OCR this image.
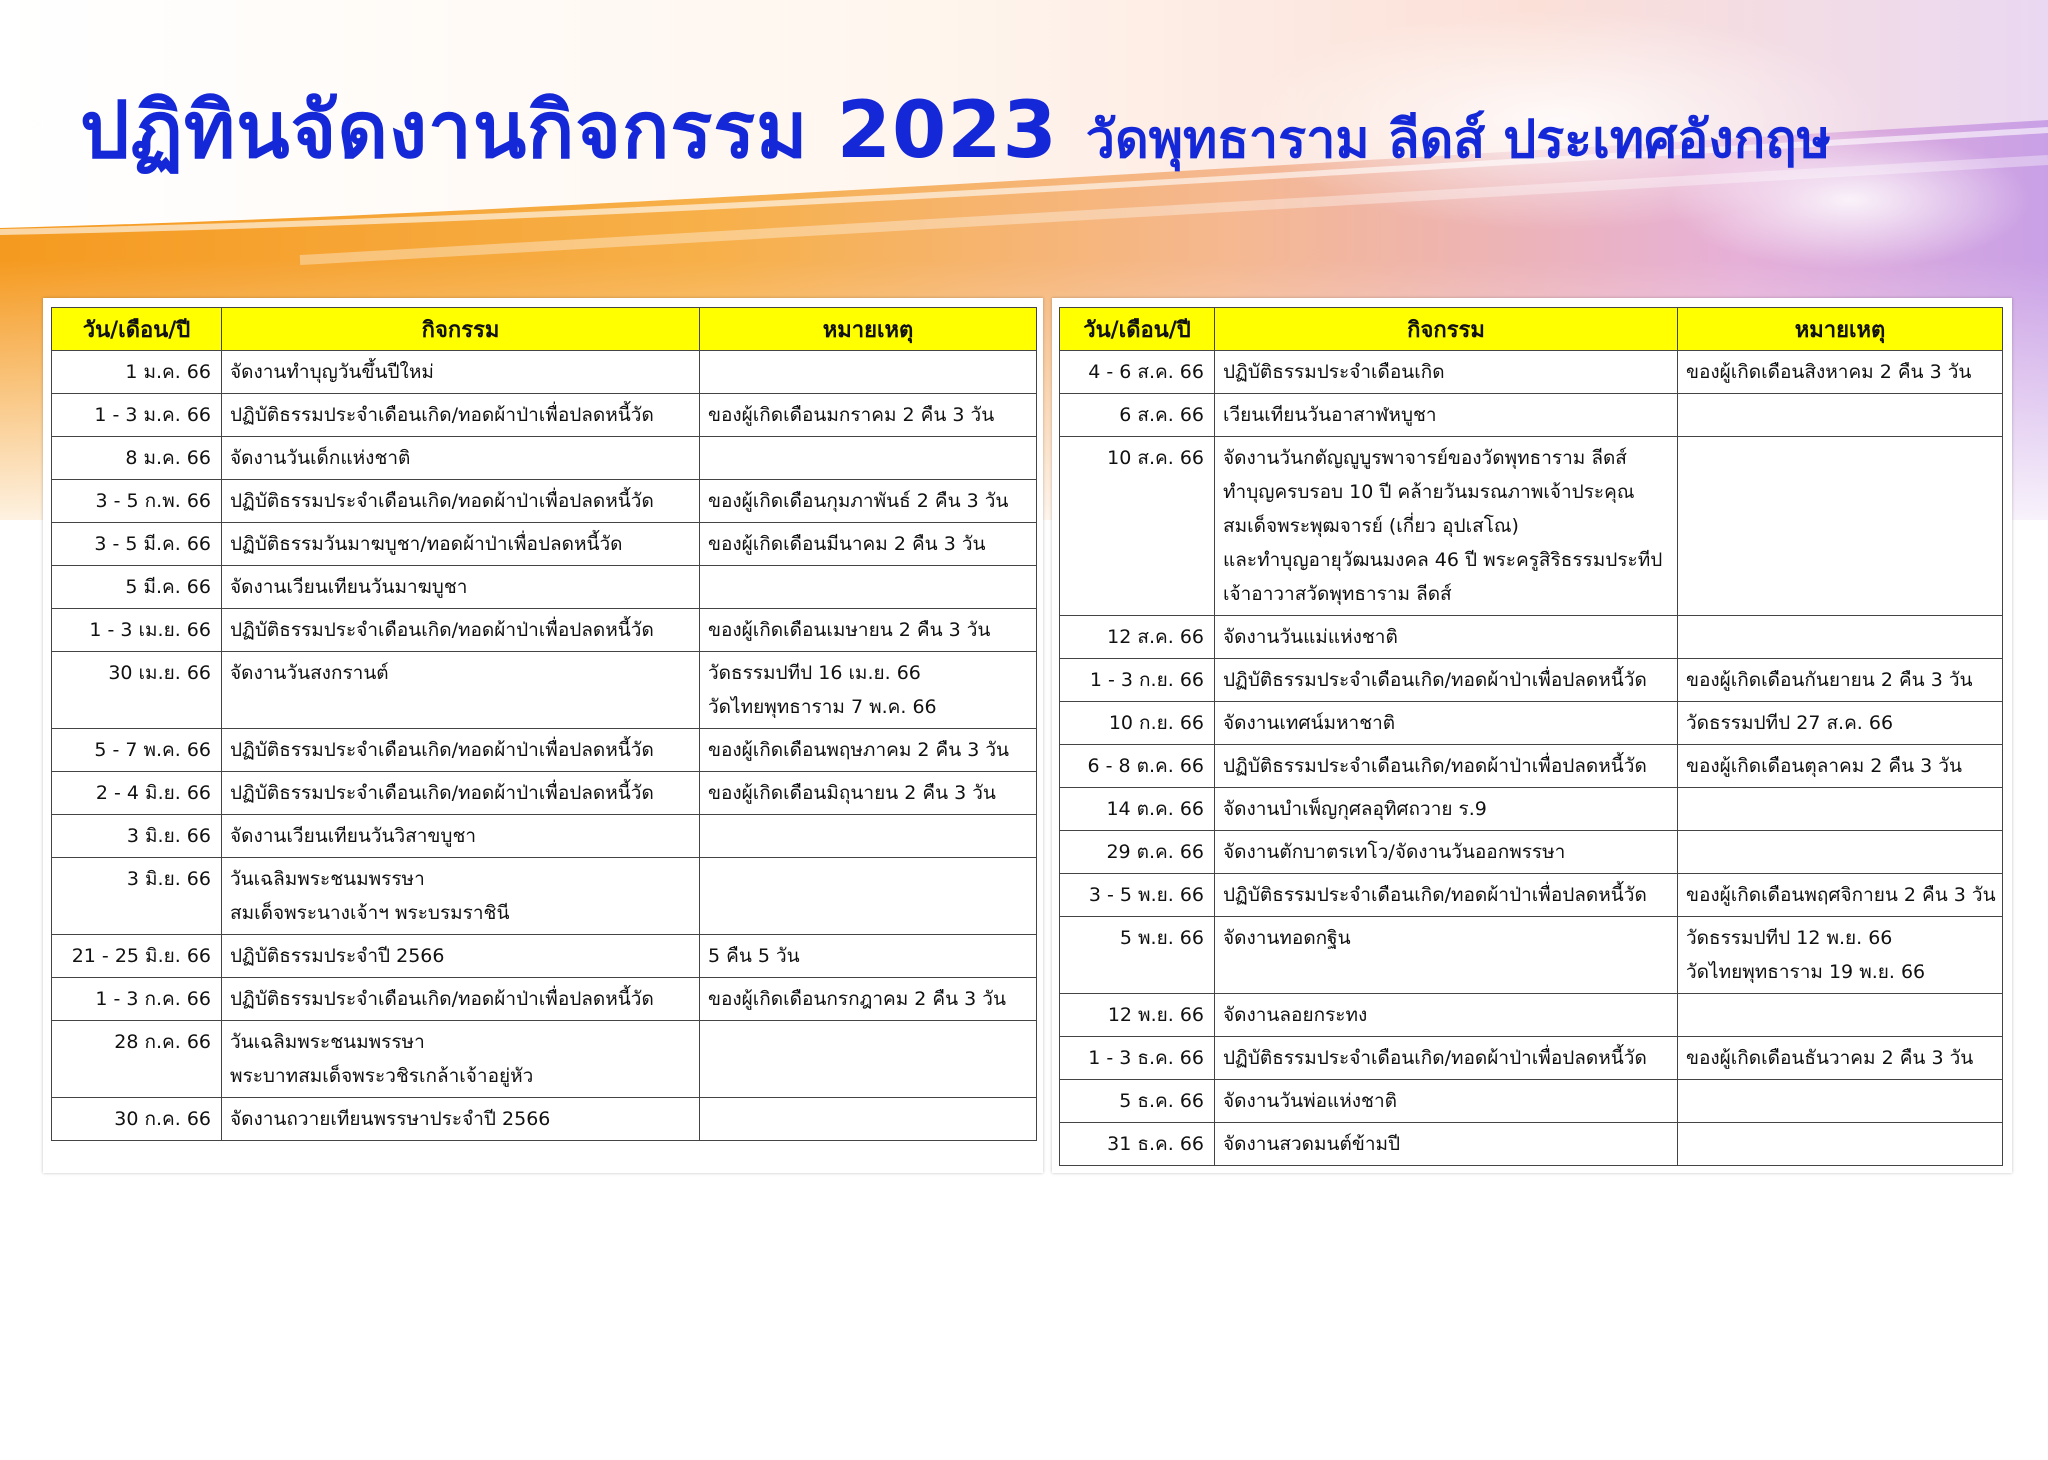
ปฏิทินจัดงานกิจกรรม 2023 วัดพุทธาราม ลีดส์ ประเทศอังกฤษ
วัน/เดือน/ปี	กิจกรรม	หมายเหตุ
1 ม.ค. 66	จัดงานทำบุญวันขึ้นปีใหม่	

1 - 3 ม.ค. 66	ปฏิบัติธรรมประจำเดือนเกิด/ทอดผ้าป่าเพื่อปลดหนี้วัด	ของผู้เกิดเดือนมกราคม 2 คืน 3 วัน

8 ม.ค. 66	จัดงานวันเด็กแห่งชาติ	

3 - 5 ก.พ. 66	ปฏิบัติธรรมประจำเดือนเกิด/ทอดผ้าป่าเพื่อปลดหนี้วัด	ของผู้เกิดเดือนกุมภาพันธ์ 2 คืน 3 วัน

3 - 5 มี.ค. 66	ปฏิบัติธรรมวันมาฆบูชา/ทอดผ้าป่าเพื่อปลดหนี้วัด	ของผู้เกิดเดือนมีนาคม 2 คืน 3 วัน

5 มี.ค. 66	จัดงานเวียนเทียนวันมาฆบูชา	

1 - 3 เม.ย. 66	ปฏิบัติธรรมประจำเดือนเกิด/ทอดผ้าป่าเพื่อปลดหนี้วัด	ของผู้เกิดเดือนเมษายน 2 คืน 3 วัน

30 เม.ย. 66	จัดงานวันสงกรานต์	วัดธรรมปทีป 16 เม.ย. 66
วัดไทยพุทธาราม 7 พ.ค. 66

5 - 7 พ.ค. 66	ปฏิบัติธรรมประจำเดือนเกิด/ทอดผ้าป่าเพื่อปลดหนี้วัด	ของผู้เกิดเดือนพฤษภาคม 2 คืน 3 วัน

2 - 4 มิ.ย. 66	ปฏิบัติธรรมประจำเดือนเกิด/ทอดผ้าป่าเพื่อปลดหนี้วัด	ของผู้เกิดเดือนมิถุนายน 2 คืน 3 วัน

3 มิ.ย. 66	จัดงานเวียนเทียนวันวิสาขบูชา	

3 มิ.ย. 66	วันเฉลิมพระชนมพรรษา
สมเด็จพระนางเจ้าฯ พระบรมราชินี	

21 - 25 มิ.ย. 66	ปฏิบัติธรรมประจำปี 2566	5 คืน 5 วัน

1 - 3 ก.ค. 66	ปฏิบัติธรรมประจำเดือนเกิด/ทอดผ้าป่าเพื่อปลดหนี้วัด	ของผู้เกิดเดือนกรกฎาคม 2 คืน 3 วัน

28 ก.ค. 66	วันเฉลิมพระชนมพรรษา
พระบาทสมเด็จพระวชิรเกล้าเจ้าอยู่หัว	

30 ก.ค. 66	จัดงานถวายเทียนพรรษาประจำปี 2566	

วัน/เดือน/ปี	กิจกรรม	หมายเหตุ
4 - 6 ส.ค. 66	ปฏิบัติธรรมประจำเดือนเกิด	ของผู้เกิดเดือนสิงหาคม 2 คืน 3 วัน

6 ส.ค. 66	เวียนเทียนวันอาสาฬหบูชา	

10 ส.ค. 66	จัดงานวันกตัญญูบูรพาจารย์ของวัดพุทธาราม ลีดส์
ทำบุญครบรอบ 10 ปี คล้ายวันมรณภาพเจ้าประคุณ
สมเด็จพระพุฒจารย์ (เกี่ยว อุปเสโณ)
และทำบุญอายุวัฒนมงคล 46 ปี พระครูสิริธรรมประทีป
เจ้าอาวาสวัดพุทธาราม ลีดส์	

12 ส.ค. 66	จัดงานวันแม่แห่งชาติ	

1 - 3 ก.ย. 66	ปฏิบัติธรรมประจำเดือนเกิด/ทอดผ้าป่าเพื่อปลดหนี้วัด	ของผู้เกิดเดือนกันยายน 2 คืน 3 วัน

10 ก.ย. 66	จัดงานเทศน์มหาชาติ	วัดธรรมปทีป 27 ส.ค. 66

6 - 8 ต.ค. 66	ปฏิบัติธรรมประจำเดือนเกิด/ทอดผ้าป่าเพื่อปลดหนี้วัด	ของผู้เกิดเดือนตุลาคม 2 คืน 3 วัน

14 ต.ค. 66	จัดงานบำเพ็ญกุศลอุทิศถวาย ร.9	

29 ต.ค. 66	จัดงานตักบาตรเทโว/จัดงานวันออกพรรษา	

3 - 5 พ.ย. 66	ปฏิบัติธรรมประจำเดือนเกิด/ทอดผ้าป่าเพื่อปลดหนี้วัด	ของผู้เกิดเดือนพฤศจิกายน 2 คืน 3 วัน

5 พ.ย. 66	จัดงานทอดกฐิน	วัดธรรมปทีป 12 พ.ย. 66
วัดไทยพุทธาราม 19 พ.ย. 66

12 พ.ย. 66	จัดงานลอยกระทง	

1 - 3 ธ.ค. 66	ปฏิบัติธรรมประจำเดือนเกิด/ทอดผ้าป่าเพื่อปลดหนี้วัด	ของผู้เกิดเดือนธันวาคม 2 คืน 3 วัน

5 ธ.ค. 66	จัดงานวันพ่อแห่งชาติ	

31 ธ.ค. 66	จัดงานสวดมนต์ข้ามปี	
